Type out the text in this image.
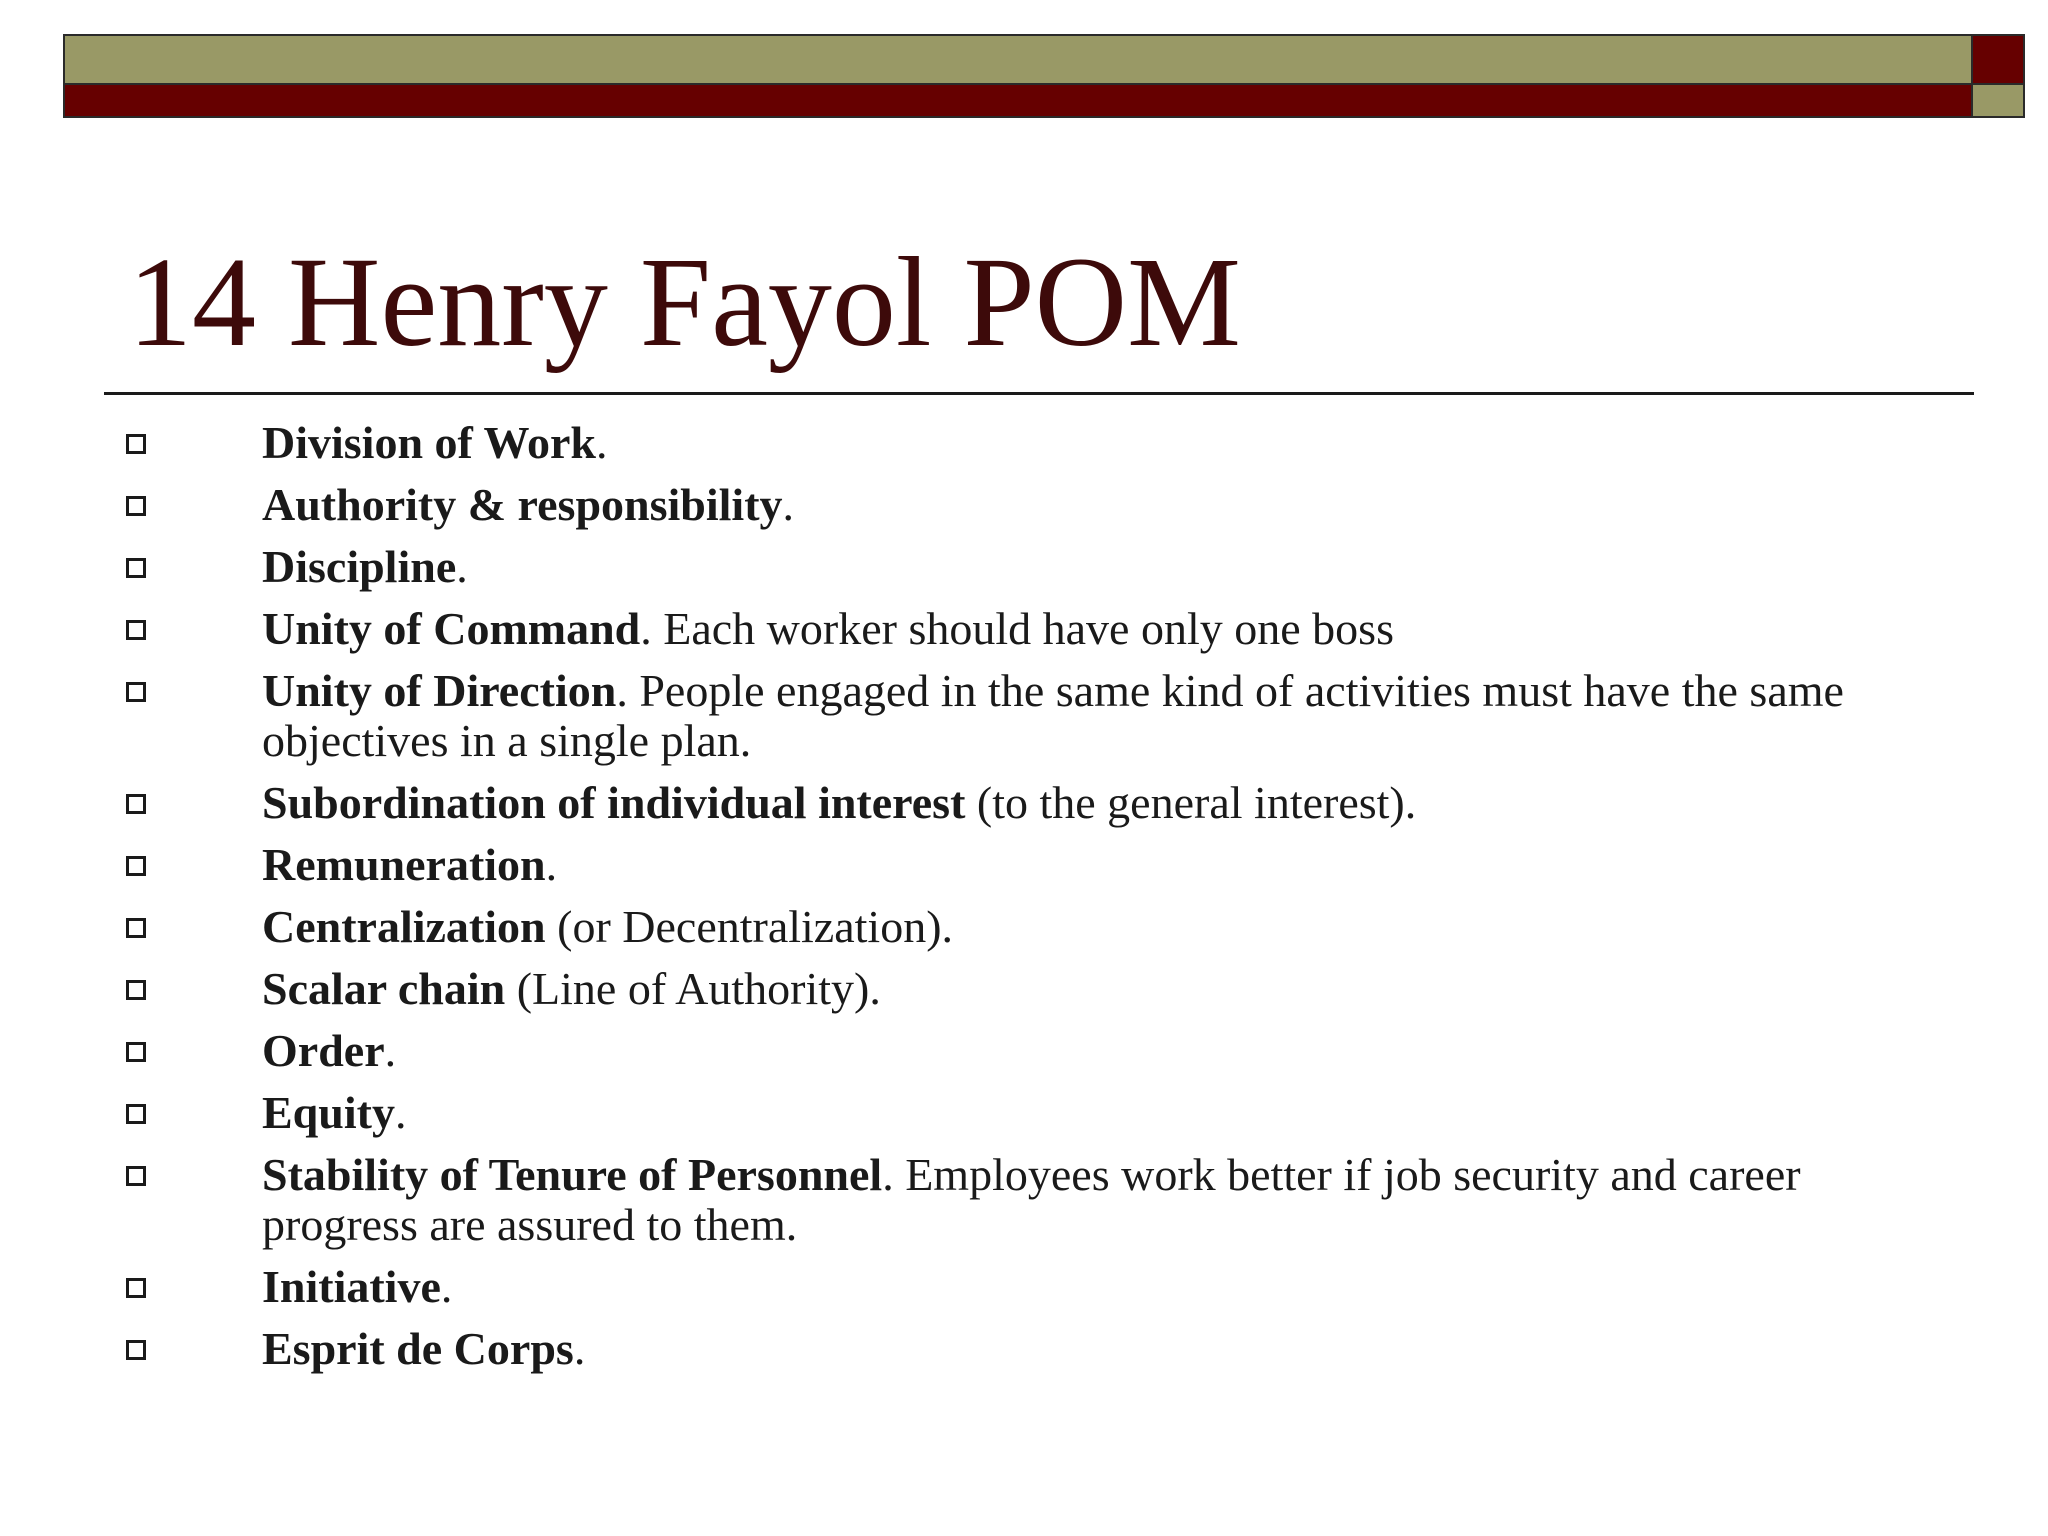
14 Henry Fayol POM
Division of Work.
Authority & responsibility.
Discipline.
Unity of Command. Each worker should have only one boss
Unity of Direction. People engaged in the same kind of activities must have the same objectives in a single plan.
Subordination of individual interest (to the general interest).
Remuneration.
Centralization (or Decentralization).
Scalar chain (Line of Authority).
Order.
Equity.
Stability of Tenure of Personnel. Employees work better if job security and career progress are assured to them.
Initiative.
Esprit de Corps.
